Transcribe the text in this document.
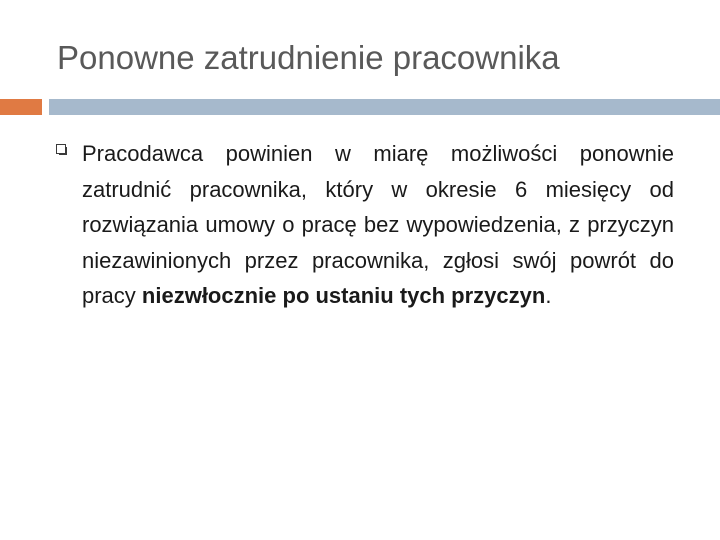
Ponowne zatrudnienie pracownika

Pracodawca powinien w miarę możliwości ponownie zatrudnić pracownika, który w okresie 6 miesięcy od rozwiązania umowy o pracę bez wypowiedzenia, z przyczyn niezawinionych przez pracownika, zgłosi swój powrót do pracy niezwłocznie po ustaniu tych przyczyn.
